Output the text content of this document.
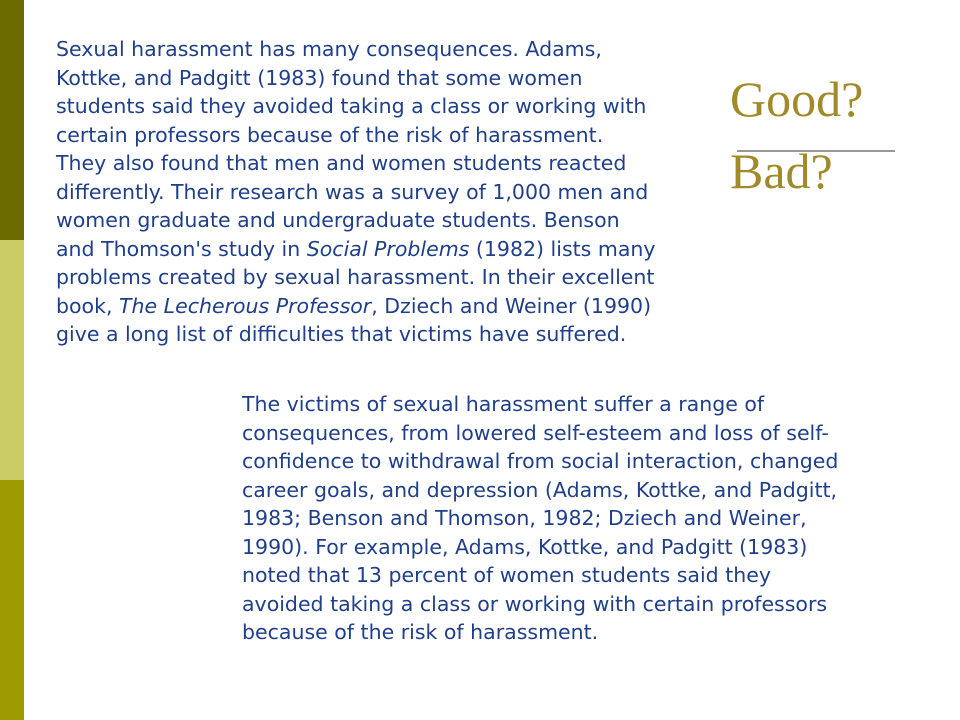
Sexual harassment has many consequences. Adams,
Kottke, and Padgitt (1983) found that some women
students said they avoided taking a class or working with
certain professors because of the risk of harassment.
They also found that men and women students reacted
differently. Their research was a survey of 1,000 men and
women graduate and undergraduate students. Benson
and Thomson's study in Social Problems (1982) lists many
problems created by sexual harassment. In their excellent
book, The Lecherous Professor, Dziech and Weiner (1990)
give a long list of difficulties that victims have suffered.

The victims of sexual harassment suffer a range of
consequences, from lowered self-esteem and loss of self-
confidence to withdrawal from social interaction, changed
career goals, and depression (Adams, Kottke, and Padgitt,
1983; Benson and Thomson, 1982; Dziech and Weiner,
1990). For example, Adams, Kottke, and Padgitt (1983)
noted that 13 percent of women students said they
avoided taking a class or working with certain professors
because of the risk of harassment.

Good?
Bad?
